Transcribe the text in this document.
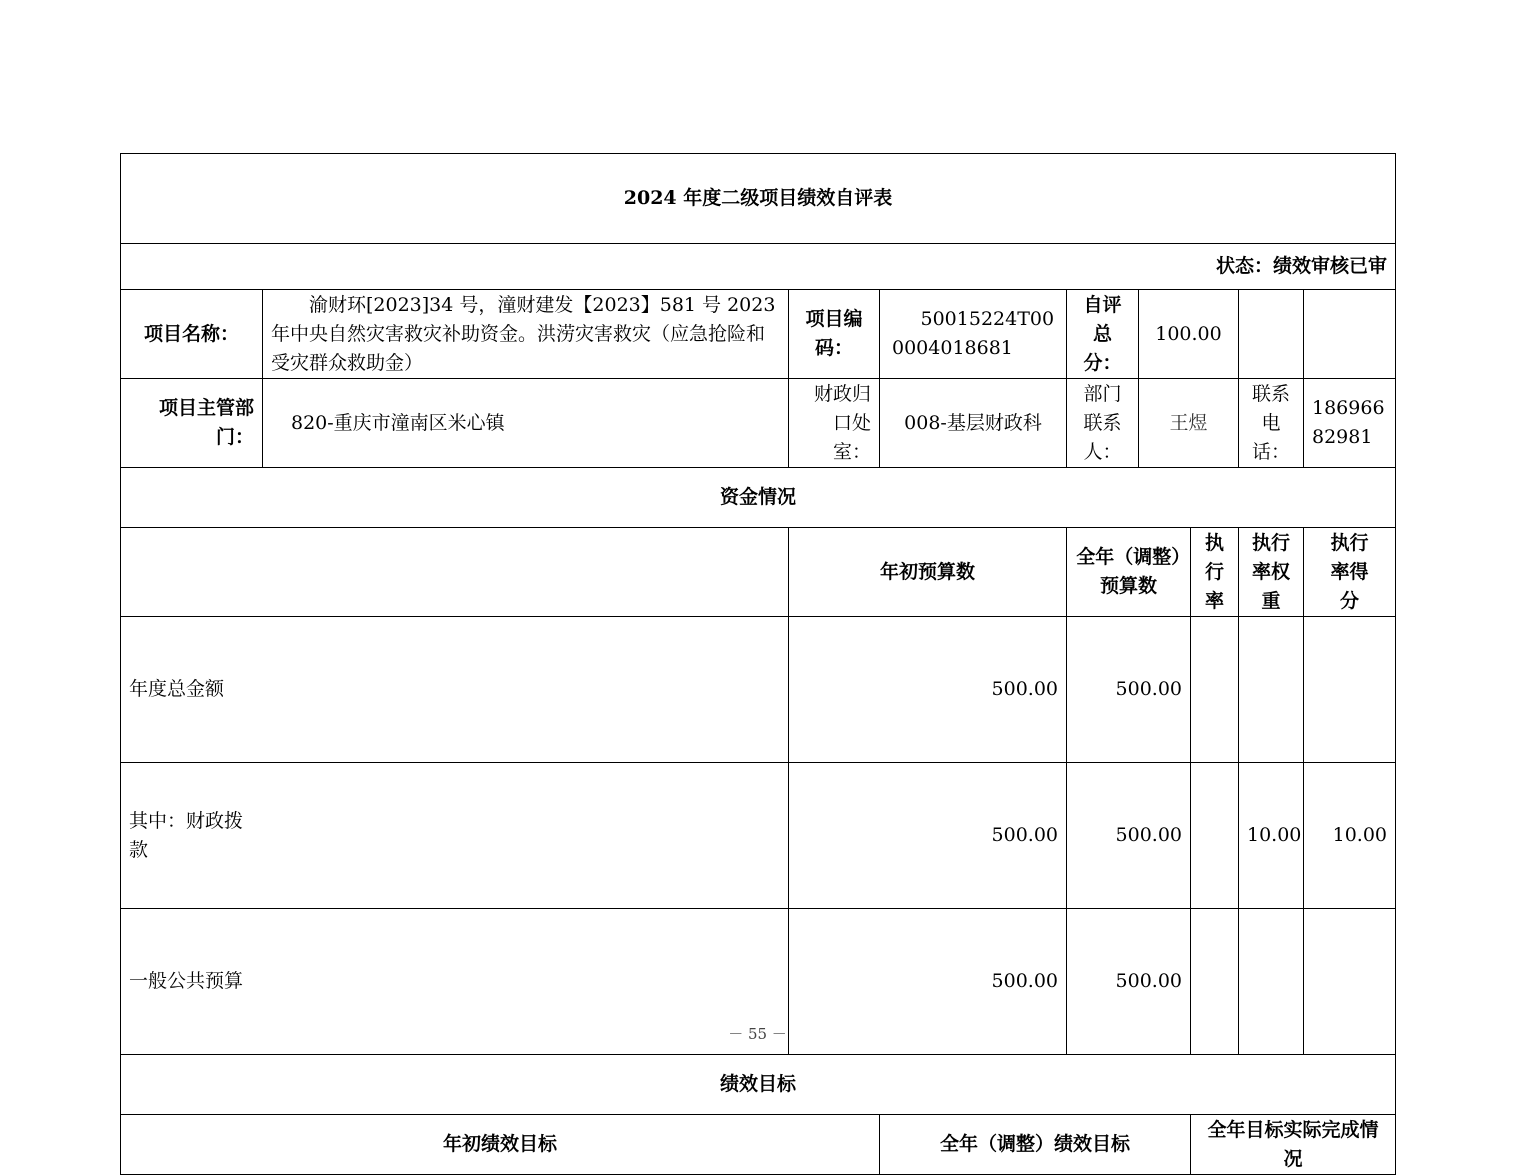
2024 年度二级项目绩效自评表								
状态：绩效审核已审								
项目名称：	渝财环[2023]34 号，潼财建发【2023】581 号 2023 年中央自然灾害救灾补助资金。洪涝灾害救灾（应急抢险和受灾群众救助金）	项目编码：	50015224T000004018681	自评总分：	100.00			
项目主管部门：	820-重庆市潼南区米心镇	财政归口处室：	008-基层财政科	部门联系人：	王煜		联系电话：	18696682981
资金情况								
		年初预算数		全年（调整）预算数		执行率	执行率权重	执行率得分
年度总金额		500.00		500.00			
其中：财政拨款		500.00		500.00			10.00	10.00
一般公共预算		500.00		500.00			
绩效目标								
年初绩效目标			全年（调整）绩效目标			全年目标实际完成情况		
－ 55 －
